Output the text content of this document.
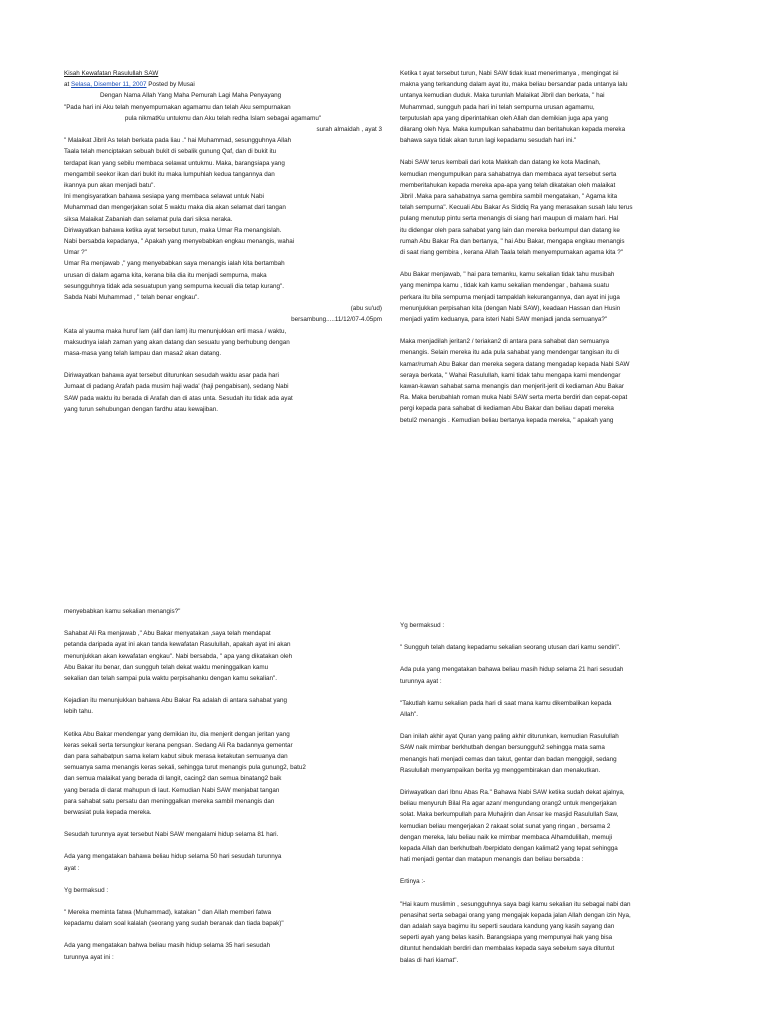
Kisah Kewafatan Rasulullah SAW

at Selasa, Disember 11, 2007 Posted by Musai

Dengan Nama Allah Yang Maha Pemurah Lagi Maha Penyayang

"Pada hari ini Aku telah menyempurnakan agamamu dan telah Aku sempurnakan

pula nikmatKu untukmu dan Aku telah redha Islam sebagai agamamu"

surah almaidah , ayat 3

" Malaikat Jibril As telah berkata pada liau ." hai Muhammad, sesungguhnya Allah
Taala telah menciptakan sebuah bukit di sebalik gunung Qaf, dan di bukit itu
terdapat ikan yang sebilu membaca selawat untukmu. Maka, barangsiapa yang
mengambil seekor ikan dari bukit itu maka lumpuhlah kedua tangannya dan
ikannya pun akan menjadi batu".
Ini mengisyaratkan bahawa sesiapa yang membaca selawat untuk Nabi
Muhammad dan mengerjakan solat 5 waktu maka dia akan selamat dari tangan
siksa Malaikat Zabaniah dan selamat pula dari siksa neraka.
Diriwayatkan bahawa ketika ayat tersebut turun, maka Umar Ra menangislah.
Nabi bersabda kepadanya, " Apakah yang menyebabkan engkau menangis, wahai
Umar ?"
Umar Ra menjawab ," yang menyebabkan saya menangis ialah kita bertambah
urusan di dalam agama kita, kerana bila dia itu menjadi sempurna, maka
sesungguhnya tidak ada sesuatupun yang sempurna kecuali dia tetap kurang".
Sabda Nabi Muhammad , " telah benar engkau".

(abu su'ud)

bersambung.....11/12/07-4.05pm

Kata al yauma maka huruf lam (alif dan lam) itu menunjukkan erti masa / waktu,
maksudnya ialah zaman yang akan datang dan sesuatu yang berhubung dengan
masa-masa yang telah lampau dan masa2 akan datang.

Diriwayatkan bahawa ayat tersebut diturunkan sesudah waktu asar pada hari
Jumaat di padang Arafah pada musim haji wada' (haji pengabisan), sedang Nabi
SAW pada waktu itu berada di Arafah dan di atas unta. Sesudah itu tidak ada ayat
yang turun sehubungan dengan fardhu atau kewajiban.

Ketika t ayat tersebut turun, Nabi SAW tidak kuat menerimanya , mengingat isi
makna yang terkandung dalam ayat itu, maka beliau bersandar pada untanya lalu
untanya kemudian duduk. Maka turunlah Malaikat Jibril dan berkata, " hai
Muhammad, sungguh pada hari ini telah sempurna urusan agamamu,
terputuslah apa yang diperintahkan oleh Allah dan demikian juga apa yang
dilarang oleh Nya. Maka kumpulkan sahabatmu dan beritahukan kepada mereka
bahawa saya tidak akan turun lagi kepadamu sesudah hari ini."

Nabi SAW terus kembali dari kota Makkah dan datang ke kota Madinah,
kemudian mengumpulkan para sahabatnya dan membaca ayat tersebut serta
memberitahukan kepada mereka apa-apa yang telah dikatakan oleh malaikat
Jibril .Maka para sahabatnya sama gembira sambil mengatakan, " Agama kita
telah sempurna". Kecuali Abu Bakar As Siddiq Ra yang merasakan susah lalu terus
pulang menutup pintu serta menangis di siang hari maupun di malam hari. Hal
itu didengar oleh para sahabat yang lain dan mereka berkumpul dan datang ke
rumah Abu Bakar Ra dan bertanya, " hai Abu Bakar, mengapa engkau menangis
di saat riang gembira , kerana Allah Taala telah menyempurnakan agama kita ?"

Abu Bakar menjawab, " hai para temanku, kamu sekalian tidak tahu musibah
yang menimpa kamu , tidak kah kamu sekalian mendengar , bahawa suatu
perkara itu bila sempurna menjadi tampaklah kekurangannya, dan ayat ini juga
menunjukkan perpisahan kita (dengan Nabi SAW), keadaan Hassan dan Husin
menjadi yatim keduanya, para isteri Nabi SAW menjadi janda semuanya?"

Maka menjadilah jeritan2 / teriakan2 di antara para sahabat dan semuanya
menangis. Selain mereka itu ada pula sahabat yang mendengar tangisan itu di
kamar/rumah Abu Bakar dan mereka segera datang mengadap kepada Nabi SAW
seraya berkata, " Wahai Rasulullah, kami tidak tahu mengapa kami mendengar
kawan-kawan sahabat sama menangis dan menjerit-jerit di kediaman Abu Bakar
Ra. Maka berubahlah roman muka Nabi SAW serta merta berdiri dan cepat-cepat
pergi kepada para sahabat di kediaman Abu Bakar dan beliau dapati mereka
betul2 menangis . Kemudian beliau bertanya kepada mereka, " apakah yang

menyebabkan kamu sekalian menangis?"

Sahabat Ali Ra menjawab ," Abu Bakar menyatakan ,saya telah mendapat
petanda daripada ayat ini akan tanda kewafatan Rasulullah, apakah ayat ini akan
menunjukkan akan kewafatan engkau". Nabi bersabda, " apa yang dikatakan oleh
Abu Bakar itu benar, dan sungguh telah dekat waktu meninggalkan kamu
sekalian dan telah sampai pula waktu perpisahanku dengan kamu sekalian".

Kejadian itu menunjukkan bahawa Abu Bakar Ra adalah di antara sahabat yang
lebih tahu.

Ketika Abu Bakar mendengar yang demikian itu, dia menjerit dengan jeritan yang
keras sekali serta tersungkur kerana pengsan. Sedang Ali Ra badannya gementar
dan para sahabatpun sama kelam kabut sibuk merasa ketakutan semuanya dan
semuanya sama menangis keras sekali, sehingga turut menangis pula gunung2, batu2
dan semua malaikat yang berada di langit, cacing2 dan semua binatang2 baik
yang berada di darat mahupun di laut. Kemudian Nabi SAW menjabat tangan
para sahabat satu persatu dan meninggalkan mereka sambil menangis dan
berwasiat pula kepada mereka.

Sesudah turunnya ayat tersebut Nabi SAW mengalami hidup selama 81 hari.

Ada yang mengatakan bahawa beliau hidup selama 50 hari sesudah turunnya
ayat :

Yg bermaksud :

" Mereka meminta fatwa (Muhammad), katakan " dan Allah memberi fatwa
kepadamu dalam soal kalalah (seorang yang sudah beranak dan tiada bapak)"

Ada yang mengatakan bahwa beliau masih hidup selama 35 hari sesudah
turunnya ayat ini :

Yg bermaksud :

" Sungguh telah datang kepadamu sekalian seorang utusan dari kamu sendiri".

Ada pula yang mengatakan bahawa beliau masih hidup selama 21 hari sesudah
turunnya ayat :

"Takutlah kamu sekalian pada hari di saat mana kamu dikembalikan kepada
Allah".

Dan inilah akhir ayat Quran yang paling akhir diturunkan, kemudian Rasulullah
SAW naik mimbar berkhutbah dengan bersungguh2 sehingga mata sama
menangis hati menjadi cemas dan takut, gentar dan badan menggigil, sedang
Rasulullah menyampaikan berita yg menggembirakan dan menakutkan.

Diriwayatkan dari Ibnu Abas Ra." Bahawa Nabi SAW ketika sudah dekat ajalnya,
beliau menyuruh Bilal Ra agar azan/ mengundang orang2 untuk mengerjakan
solat. Maka berkumpullah para Muhajirin dan Ansar ke masjid Rasulullah Saw,
kemudian beliau mengerjakan 2 rakaat solat sunat yang ringan , bersama 2
dengan mereka, lalu beliau naik ke mimbar membaca Alhamdulillah, memuji
kepada Allah dan berkhutbah /berpidato dengan kalimat2 yang tepat sehingga
hati menjadi gentar dan matapun menangis dan beliau bersabda :

Ertinya :-

"Hai kaum muslimin , sesungguhnya saya bagi kamu sekalian itu sebagai nabi dan
penasihat serta sebagai orang yang mengajak kepada jalan Allah dengan izin Nya,
dan adalah saya bagimu itu seperti saudara kandung yang kasih sayang dan
seperti ayah yang belas kasih. Barangsiapa yang mempunyai hak yang bisa
dituntut hendaklah berdiri dan membalas kepada saya sebelum saya dituntut
balas di hari kiamat".
